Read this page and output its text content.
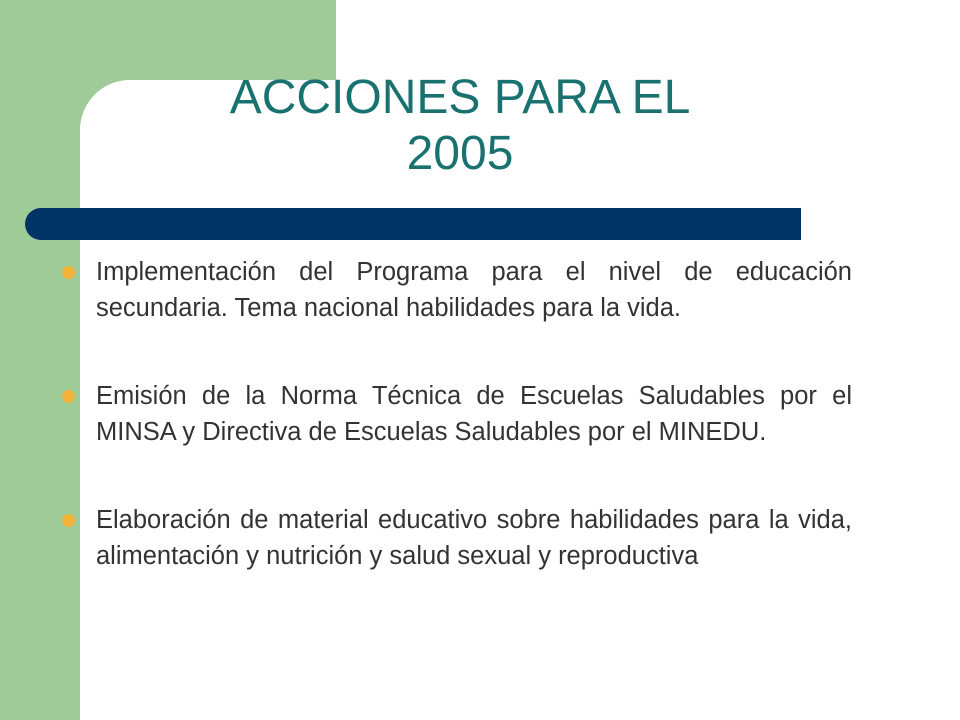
ACCIONES PARA EL
2005
Implementación del Programa para el nivel de educación secundaria. Tema nacional habilidades para la vida.
Emisión de la Norma Técnica de Escuelas Saludables por el MINSA y Directiva de Escuelas Saludables por el MINEDU.
Elaboración de material educativo sobre habilidades para la vida, alimentación y nutrición y salud sexual y reproductiva
